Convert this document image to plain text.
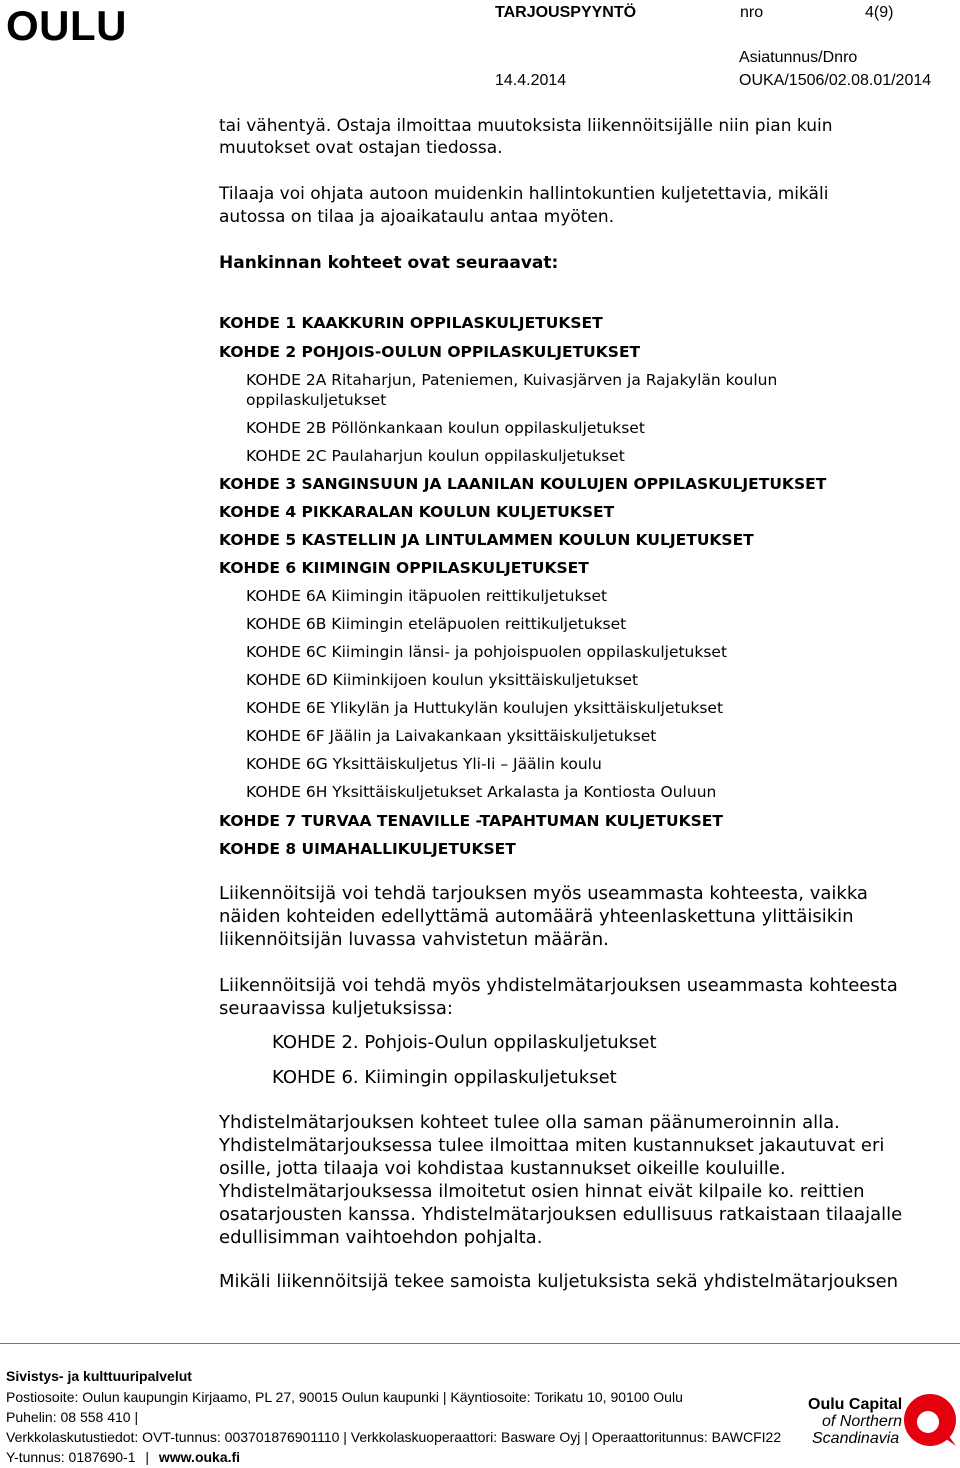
OULU	TARJOUSPYYNTÖ	nro	4(9)
Asiatunnus/Dnro
14.4.2014	OUKA/1506/02.08.01/2014
tai vähentyä. Ostaja ilmoittaa muutoksista liikennöitsijälle niin pian kuin
muutokset ovat ostajan tiedossa.
Tilaaja voi ohjata autoon muidenkin hallintokuntien kuljetettavia, mikäli
autossa on tilaa ja ajoaikataulu antaa myöten.
Hankinnan kohteet ovat seuraavat:
KOHDE 1 KAAKKURIN OPPILASKULJETUKSET
KOHDE 2 POHJOIS-OULUN OPPILASKULJETUKSET
KOHDE 2A Ritaharjun, Pateniemen, Kuivasjärven ja Rajakylän koulun
oppilaskuljetukset
KOHDE 2B Pöllönkankaan koulun oppilaskuljetukset
KOHDE 2C Paulaharjun koulun oppilaskuljetukset
KOHDE 3 SANGINSUUN JA LAANILAN KOULUJEN OPPILASKULJETUKSET
KOHDE 4 PIKKARALAN KOULUN KULJETUKSET
KOHDE 5 KASTELLIN JA LINTULAMMEN KOULUN KULJETUKSET
KOHDE 6 KIIMINGIN OPPILASKULJETUKSET
KOHDE 6A Kiimingin itäpuolen reittikuljetukset
KOHDE 6B Kiimingin eteläpuolen reittikuljetukset
KOHDE 6C Kiimingin länsi- ja pohjoispuolen oppilaskuljetukset
KOHDE 6D Kiiminkijoen koulun yksittäiskuljetukset
KOHDE 6E Ylikylän ja Huttukylän koulujen yksittäiskuljetukset
KOHDE 6F Jäälin ja Laivakankaan yksittäiskuljetukset
KOHDE 6G Yksittäiskuljetus Yli-Ii – Jäälin koulu
KOHDE 6H Yksittäiskuljetukset Arkalasta ja Kontiosta Ouluun
KOHDE 7 TURVAA TENAVILLE -TAPAHTUMAN KULJETUKSET
KOHDE 8 UIMAHALLIKULJETUKSET
Liikennöitsijä voi tehdä tarjouksen myös useammasta kohteesta, vaikka
näiden kohteiden edellyttämä automäärä yhteenlaskettuna ylittäisikin
liikennöitsijän luvassa vahvistetun määrän.
Liikennöitsijä voi tehdä myös yhdistelmätarjouksen useammasta kohteesta
seuraavissa kuljetuksissa:
KOHDE 2. Pohjois-Oulun oppilaskuljetukset
KOHDE 6. Kiimingin oppilaskuljetukset
Yhdistelmätarjouksen kohteet tulee olla saman päänumeroinnin alla.
Yhdistelmätarjouksessa tulee ilmoittaa miten kustannukset jakautuvat eri
osille, jotta tilaaja voi kohdistaa kustannukset oikeille kouluille.
Yhdistelmätarjouksessa ilmoitetut osien hinnat eivät kilpaile ko. reittien
osatarjousten kanssa. Yhdistelmätarjouksen edullisuus ratkaistaan tilaajalle
edullisimman vaihtoehdon pohjalta.
Mikäli liikennöitsijä tekee samoista kuljetuksista sekä yhdistelmätarjouksen
Sivistys- ja kulttuuripalvelut
Postiosoite: Oulun kaupungin Kirjaamo, PL 27, 90015 Oulun kaupunki | Käyntiosoite: Torikatu 10, 90100 Oulu
Puhelin: 08 558 410 |
Verkkolaskutustiedot: OVT-tunnus: 003701876901110 | Verkkolaskuoperaattori: Basware Oyj | Operaattoritunnus: BAWCFI22
Y-tunnus: 0187690-1 | www.ouka.fi
Oulu Capital
of Northern
Scandinavia
